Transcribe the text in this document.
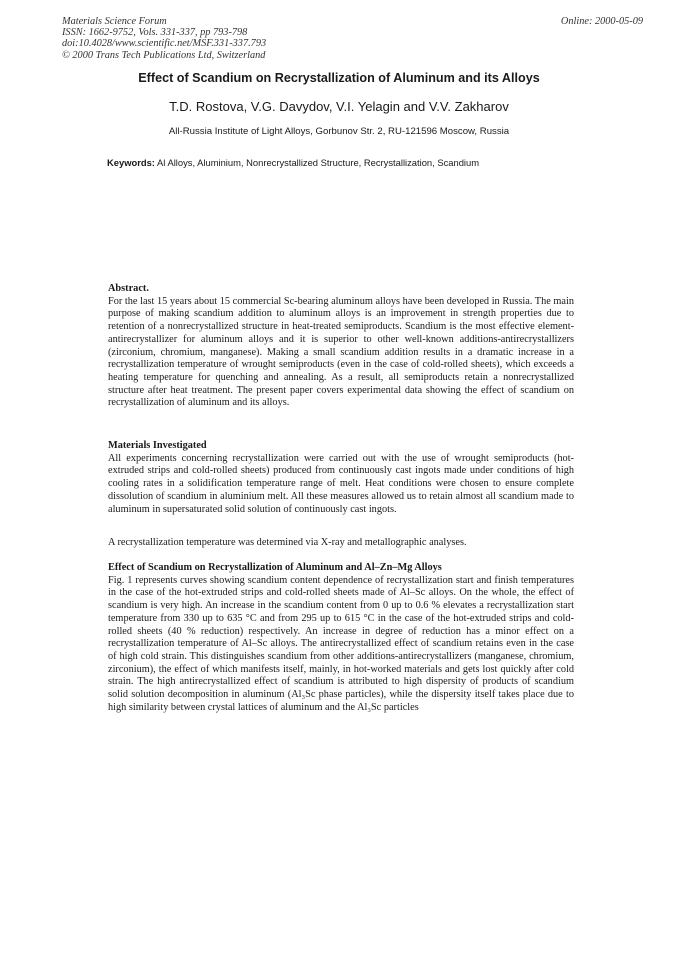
Materials Science Forum
ISSN: 1662-9752, Vols. 331-337, pp 793-798
doi:10.4028/www.scientific.net/MSF.331-337.793
© 2000 Trans Tech Publications Ltd, Switzerland
Online: 2000-05-09
Effect of Scandium on Recrystallization of Aluminum and its Alloys
T.D. Rostova, V.G. Davydov, V.I. Yelagin and V.V. Zakharov
All-Russia Institute of Light Alloys, Gorbunov Str. 2, RU-121596 Moscow, Russia
Keywords: Al Alloys, Aluminium, Nonrecrystallized Structure, Recrystallization, Scandium
Abstract.

For the last 15 years about 15 commercial Sc-bearing aluminum alloys have been developed in Russia. The main purpose of making scandium addition to aluminum alloys is an improvement in strength properties due to retention of a nonrecrystallized structure in heat-treated semiproducts. Scandium is the most effective element-antirecrystallizer for aluminum alloys and it is superior to other well-known additions-antirecrystallizers (zirconium, chromium, manganese). Making a small scandium addition results in a dramatic increase in a recrystallization temperature of wrought semiproducts (even in the case of cold-rolled sheets), which exceeds a heating temperature for quenching and annealing. As a result, all semiproducts retain a nonrecrystallized structure after heat treatment. The present paper covers experimental data showing the effect of scandium on recrystallization of aluminum and its alloys.

Materials Investigated

All experiments concerning recrystallization were carried out with the use of wrought semiproducts (hot-extruded strips and cold-rolled sheets) produced from continuously cast ingots made under conditions of high cooling rates in a solidification temperature range of melt. Heat conditions were chosen to ensure complete dissolution of scandium in aluminium melt. All these measures allowed us to retain almost all scandium made to aluminum in supersaturated solid solution of continuously cast ingots.

A recrystallization temperature was determined via X-ray and metallographic analyses.

Effect of Scandium on Recrystallization of Aluminum and Al–Zn–Mg Alloys

Fig. 1 represents curves showing scandium content dependence of recrystallization start and finish temperatures in the case of the hot-extruded strips and cold-rolled sheets made of Al–Sc alloys. On the whole, the effect of scandium is very high. An increase in the scandium content from 0 up to 0.6 % elevates a recrystallization start temperature from 330 up to 635 °C and from 295 up to 615 °C in the case of the hot-extruded strips and cold-rolled sheets (40 % reduction) respectively. An increase in degree of reduction has a minor effect on a recrystallization temperature of Al–Sc alloys. The antirecrystallized effect of scandium retains even in the case of high cold strain. This distinguishes scandium from other additions-antirecrystallizers (manganese, chromium, zirconium), the effect of which manifests itself, mainly, in hot-worked materials and gets lost quickly after cold strain. The high antirecrystallized effect of scandium is attributed to high dispersity of products of scandium solid solution decomposition in aluminum (Al₃Sc phase particles), while the dispersity itself takes place due to high similarity between crystal lattices of aluminum and the Al₃Sc particles
